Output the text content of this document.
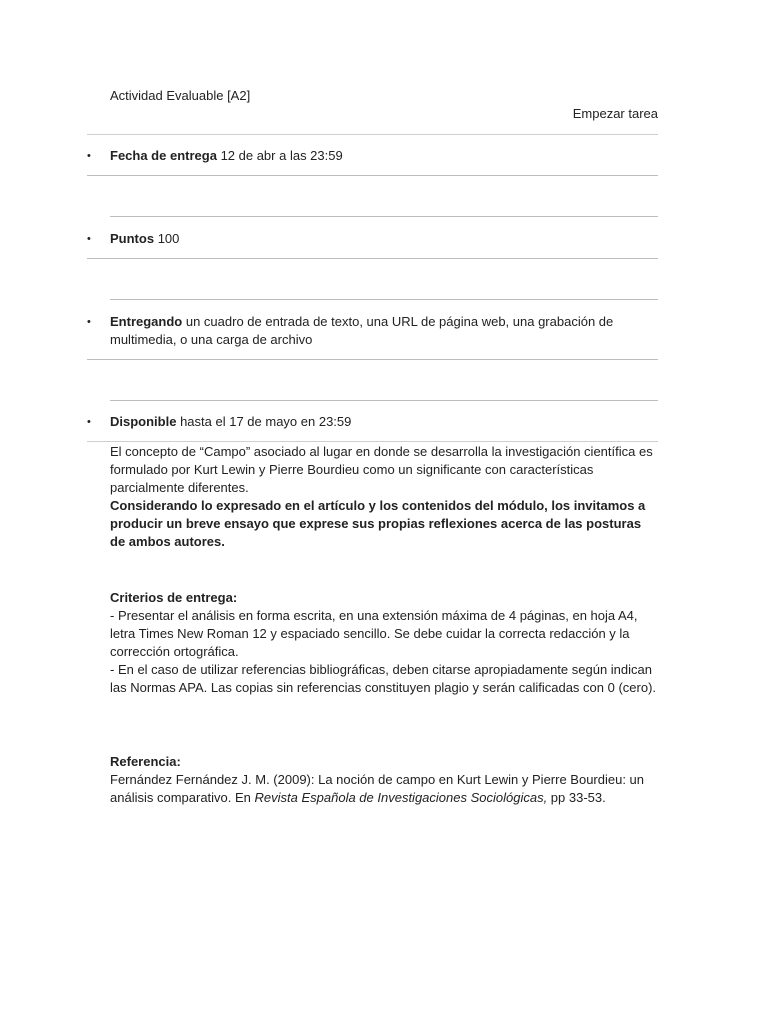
Actividad Evaluable [A2]
Empezar tarea
•	Fecha de entrega 12 de abr a las 23:59
•	Puntos 100
•	Entregando un cuadro de entrada de texto, una URL de página web, una grabación de multimedia, o una carga de archivo
•	Disponible hasta el 17 de mayo en 23:59

El concepto de “Campo” asociado al lugar en donde se desarrolla la investigación científica es formulado por Kurt Lewin y Pierre Bourdieu como un significante con características parcialmente diferentes.

Considerando lo expresado en el artículo y los contenidos del módulo, los invitamos a producir un breve ensayo que exprese sus propias reflexiones acerca de las posturas de ambos autores.

Criterios de entrega:

- Presentar el análisis en forma escrita, en una extensión máxima de 4 páginas, en hoja A4, letra Times New Roman 12 y espaciado sencillo. Se debe cuidar la correcta redacción y la corrección ortográfica.

- En el caso de utilizar referencias bibliográficas, deben citarse apropiadamente según indican las Normas APA. Las copias sin referencias constituyen plagio y serán calificadas con 0 (cero).

Referencia:

Fernández Fernández J. M. (2009): La noción de campo en Kurt Lewin y Pierre Bourdieu: un análisis comparativo. En Revista Española de Investigaciones Sociológicas, pp 33-53.
